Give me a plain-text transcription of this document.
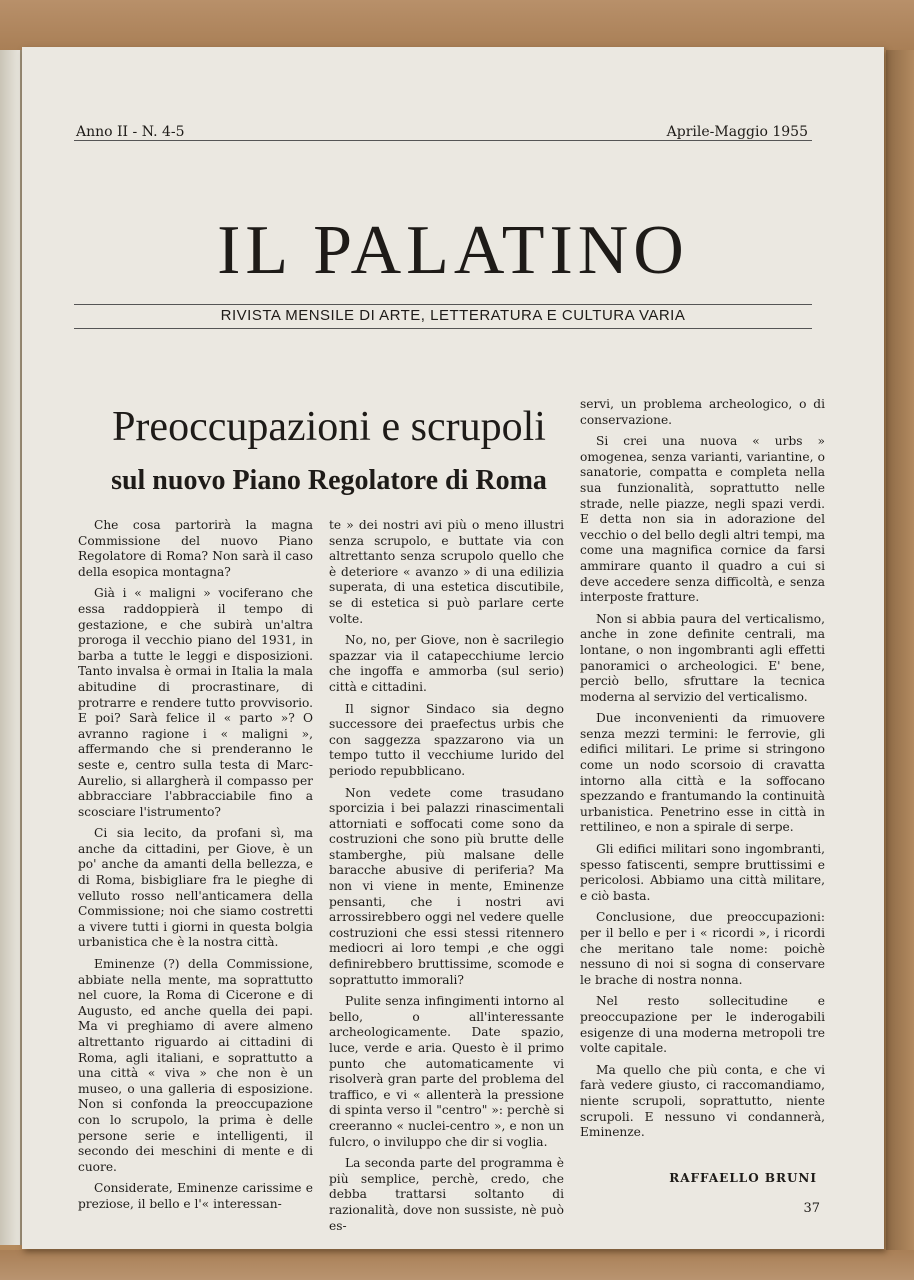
Anno II - N. 4-5	Aprile-Maggio 1955
IL PALATINO
RIVISTA MENSILE DI ARTE, LETTERATURA E CULTURA VARIA
Preoccupazioni e scrupoli
sul nuovo Piano Regolatore di Roma

Che cosa partorirà la magna Commissione del nuovo Piano Regolatore di Roma? Non sarà il caso della esopica montagna?

Già i « maligni » vociferano che essa raddoppierà il tempo di gestazione, e che subirà un'altra proroga il vecchio piano del 1931, in barba a tutte le leggi e disposizioni. Tanto invalsa è ormai in Italia la mala abitudine di procrastinare, di protrarre e rendere tutto provvisorio. E poi? Sarà felice il « parto »? O avranno ragione i « maligni », affermando che si prenderanno le seste e, centro sulla testa di Marc-Aurelio, si allargherà il compasso per abbracciare l'abbracciabile fino a scosciare l'istrumento?

Ci sia lecito, da profani sì, ma anche da cittadini, per Giove, è un po' anche da amanti della bellezza, e di Roma, bisbigliare fra le pieghe di velluto rosso nell'anticamera della Commissione; noi che siamo costretti a vivere tutti i giorni in questa bolgia urbanistica che è la nostra città.

Eminenze (?) della Commissione, abbiate nella mente, ma soprattutto nel cuore, la Roma di Cicerone e di Augusto, ed anche quella dei papi. Ma vi preghiamo di avere almeno altrettanto riguardo ai cittadini di Roma, agli italiani, e soprattutto a una città « viva » che non è un museo, o una galleria di esposizione. Non si confonda la preoccupazione con lo scrupolo, la prima è delle persone serie e intelligenti, il secondo dei meschini di mente e di cuore.

Considerate, Eminenze carissime e preziose, il bello e l'« interessan-

te » dei nostri avi più o meno illustri senza scrupolo, e buttate via con altrettanto senza scrupolo quello che è deteriore « avanzo » di una edilizia superata, di una estetica discutibile, se di estetica si può parlare certe volte.

No, no, per Giove, non è sacrilegio spazzar via il catapecchiume lercio che ingoffa e ammorba (sul serio) città e cittadini.

Il signor Sindaco sia degno successore dei praefectus urbis che con saggezza spazzarono via un tempo tutto il vecchiume lurido del periodo repubblicano.

Non vedete come trasudano sporcizia i bei palazzi rinascimentali attorniati e soffocati come sono da costruzioni che sono più brutte delle stamberghe, più malsane delle baracche abusive di periferia? Ma non vi viene in mente, Eminenze pensanti, che i nostri avi arrossirebbero oggi nel vedere quelle costruzioni che essi stessi ritennero mediocri ai loro tempi ,e che oggi definirebbero bruttissime, scomode e soprattutto immorali?

Pulite senza infingimenti intorno al bello, o all'interessante archeologicamente. Date spazio, luce, verde e aria. Questo è il primo punto che automaticamente vi risolverà gran parte del problema del traffico, e vi « allenterà la pressione di spinta verso il "centro" »: perchè si creeranno « nuclei-centro », e non un fulcro, o inviluppo che dir si voglia.

La seconda parte del programma è più semplice, perchè, credo, che debba trattarsi soltanto di razionalità, dove non sussiste, nè può es-

servi, un problema archeologico, o di conservazione.

Si crei una nuova « urbs » omogenea, senza varianti, variantine, o sanatorie, compatta e completa nella sua funzionalità, soprattutto nelle strade, nelle piazze, negli spazi verdi. E detta non sia in adorazione del vecchio o del bello degli altri tempi, ma come una magnifica cornice da farsi ammirare quanto il quadro a cui si deve accedere senza difficoltà, e senza interposte fratture.

Non si abbia paura del verticalismo, anche in zone definite centrali, ma lontane, o non ingombranti agli effetti panoramici o archeologici. E' bene, perciò bello, sfruttare la tecnica moderna al servizio del verticalismo.

Due inconvenienti da rimuovere senza mezzi termini: le ferrovie, gli edifici militari. Le prime si stringono come un nodo scorsoio di cravatta intorno alla città e la soffocano spezzando e frantumando la continuità urbanistica. Penetrino esse in città in rettilineo, e non a spirale di serpe.

Gli edifici militari sono ingombranti, spesso fatiscenti, sempre bruttissimi e pericolosi. Abbiamo una città militare, e ciò basta.

Conclusione, due preoccupazioni: per il bello e per i « ricordi », i ricordi che meritano tale nome: poichè nessuno di noi si sogna di conservare le brache di nostra nonna.

Nel resto sollecitudine e preoccupazione per le inderogabili esigenze di una moderna metropoli tre volte capitale.

Ma quello che più conta, e che vi farà vedere giusto, ci raccomandiamo, niente scrupoli, soprattutto, niente scrupoli. E nessuno vi condannerà, Eminenze.

RAFFAELLO BRUNI
37
